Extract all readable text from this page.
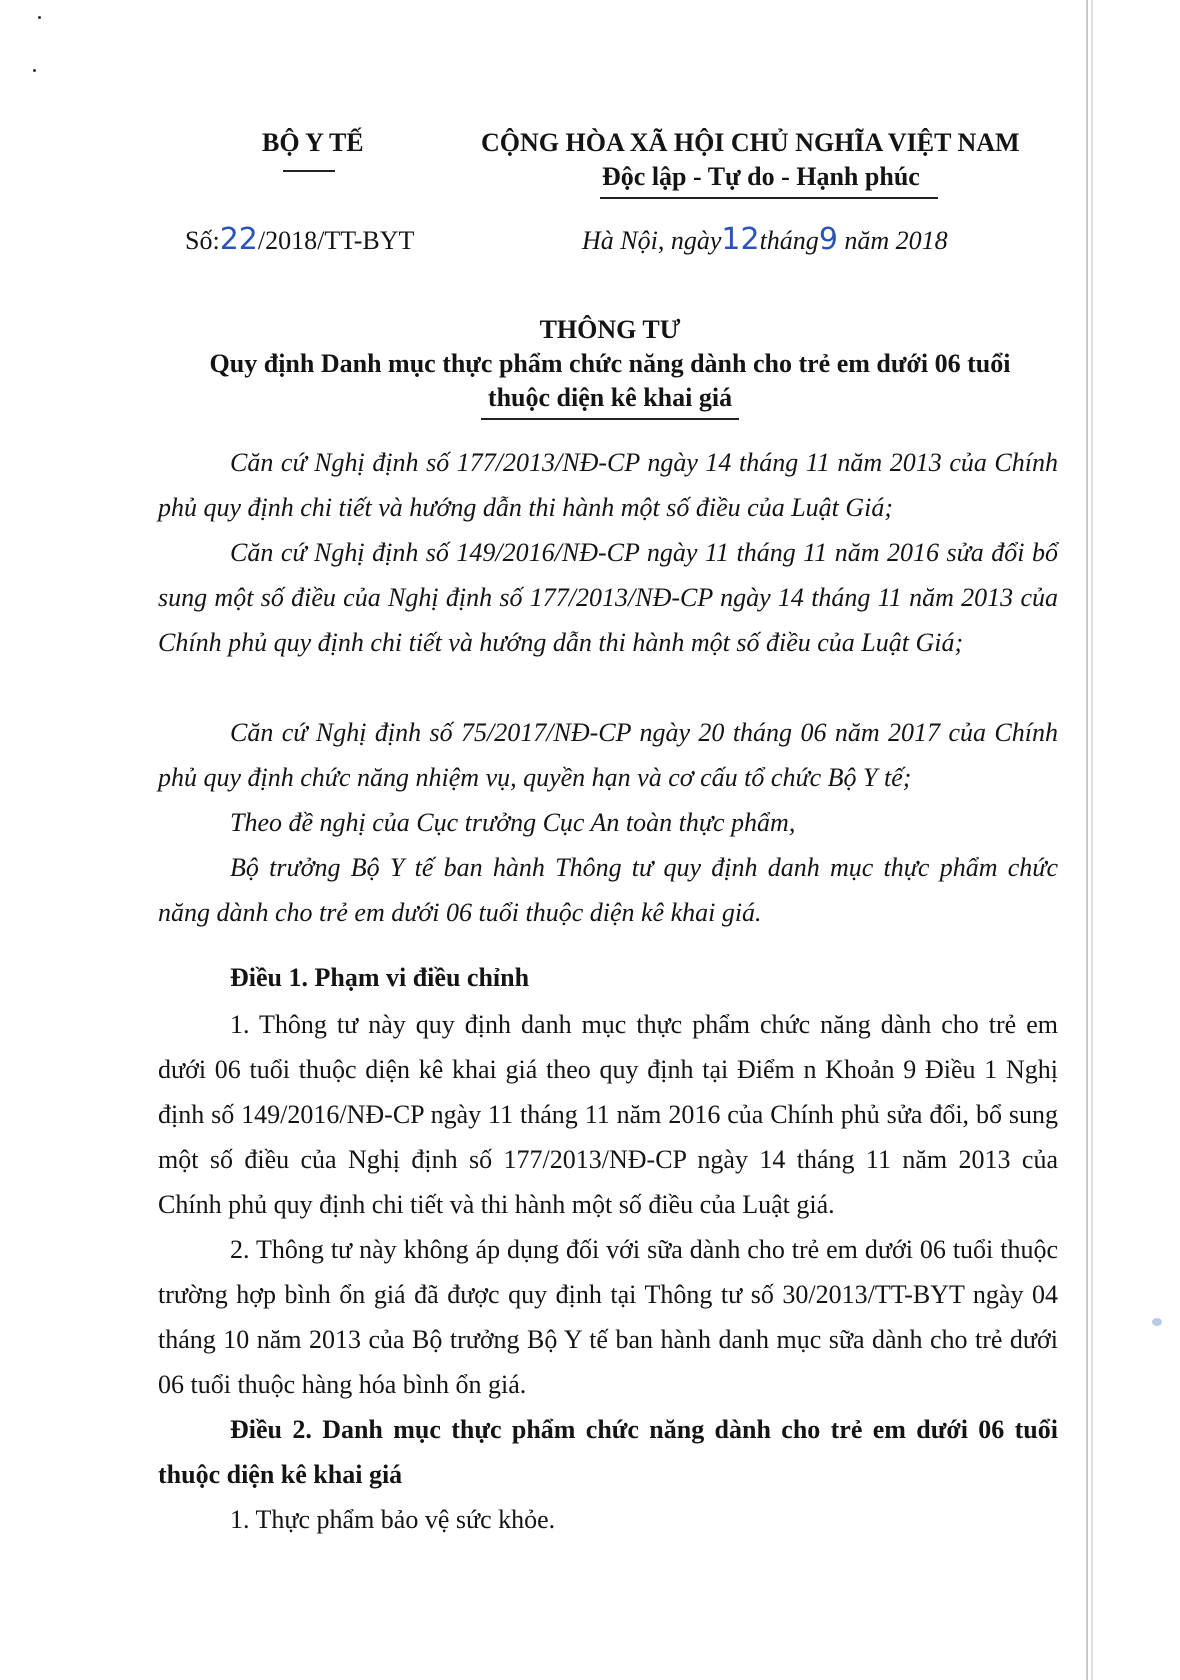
BỘ Y TẾ	CỘNG HÒA XÃ HỘI CHỦ NGHĨA VIỆT NAM
Độc lập - Tự do - Hạnh phúc
Số:22/2018/TT-BYT	Hà Nội, ngày12tháng9 năm 2018
THÔNG TƯ
Quy định Danh mục thực phẩm chức năng dành cho trẻ em dưới 06 tuổi
thuộc diện kê khai giá
Căn cứ Nghị định số 177/2013/NĐ-CP ngày 14 tháng 11 năm 2013 của Chính phủ quy định chi tiết và hướng dẫn thi hành một số điều của Luật Giá;
Căn cứ Nghị định số 149/2016/NĐ-CP ngày 11 tháng 11 năm 2016 sửa đổi bổ sung một số điều của Nghị định số 177/2013/NĐ-CP ngày 14 tháng 11 năm 2013 của Chính phủ quy định chi tiết và hướng dẫn thi hành một số điều của Luật Giá;
Căn cứ Nghị định số 75/2017/NĐ-CP ngày 20 tháng 06 năm 2017 của Chính phủ quy định chức năng nhiệm vụ, quyền hạn và cơ cấu tổ chức Bộ Y tế;
Theo đề nghị của Cục trưởng Cục An toàn thực phẩm,
Bộ trưởng Bộ Y tế ban hành Thông tư quy định danh mục thực phẩm chức năng dành cho trẻ em dưới 06 tuổi thuộc diện kê khai giá.
Điều 1. Phạm vi điều chỉnh
1. Thông tư này quy định danh mục thực phẩm chức năng dành cho trẻ em dưới 06 tuổi thuộc diện kê khai giá theo quy định tại Điểm n Khoản 9 Điều 1 Nghị định số 149/2016/NĐ-CP ngày 11 tháng 11 năm 2016 của Chính phủ sửa đổi, bổ sung một số điều của Nghị định số 177/2013/NĐ-CP ngày 14 tháng 11 năm 2013 của Chính phủ quy định chi tiết và thi hành một số điều của Luật giá.
2. Thông tư này không áp dụng đối với sữa dành cho trẻ em dưới 06 tuổi thuộc trường hợp bình ổn giá đã được quy định tại Thông tư số 30/2013/TT-BYT ngày 04 tháng 10 năm 2013 của Bộ trưởng Bộ Y tế ban hành danh mục sữa dành cho trẻ dưới 06 tuổi thuộc hàng hóa bình ổn giá.
Điều 2. Danh mục thực phẩm chức năng dành cho trẻ em dưới 06 tuổi thuộc diện kê khai giá
1. Thực phẩm bảo vệ sức khỏe.
